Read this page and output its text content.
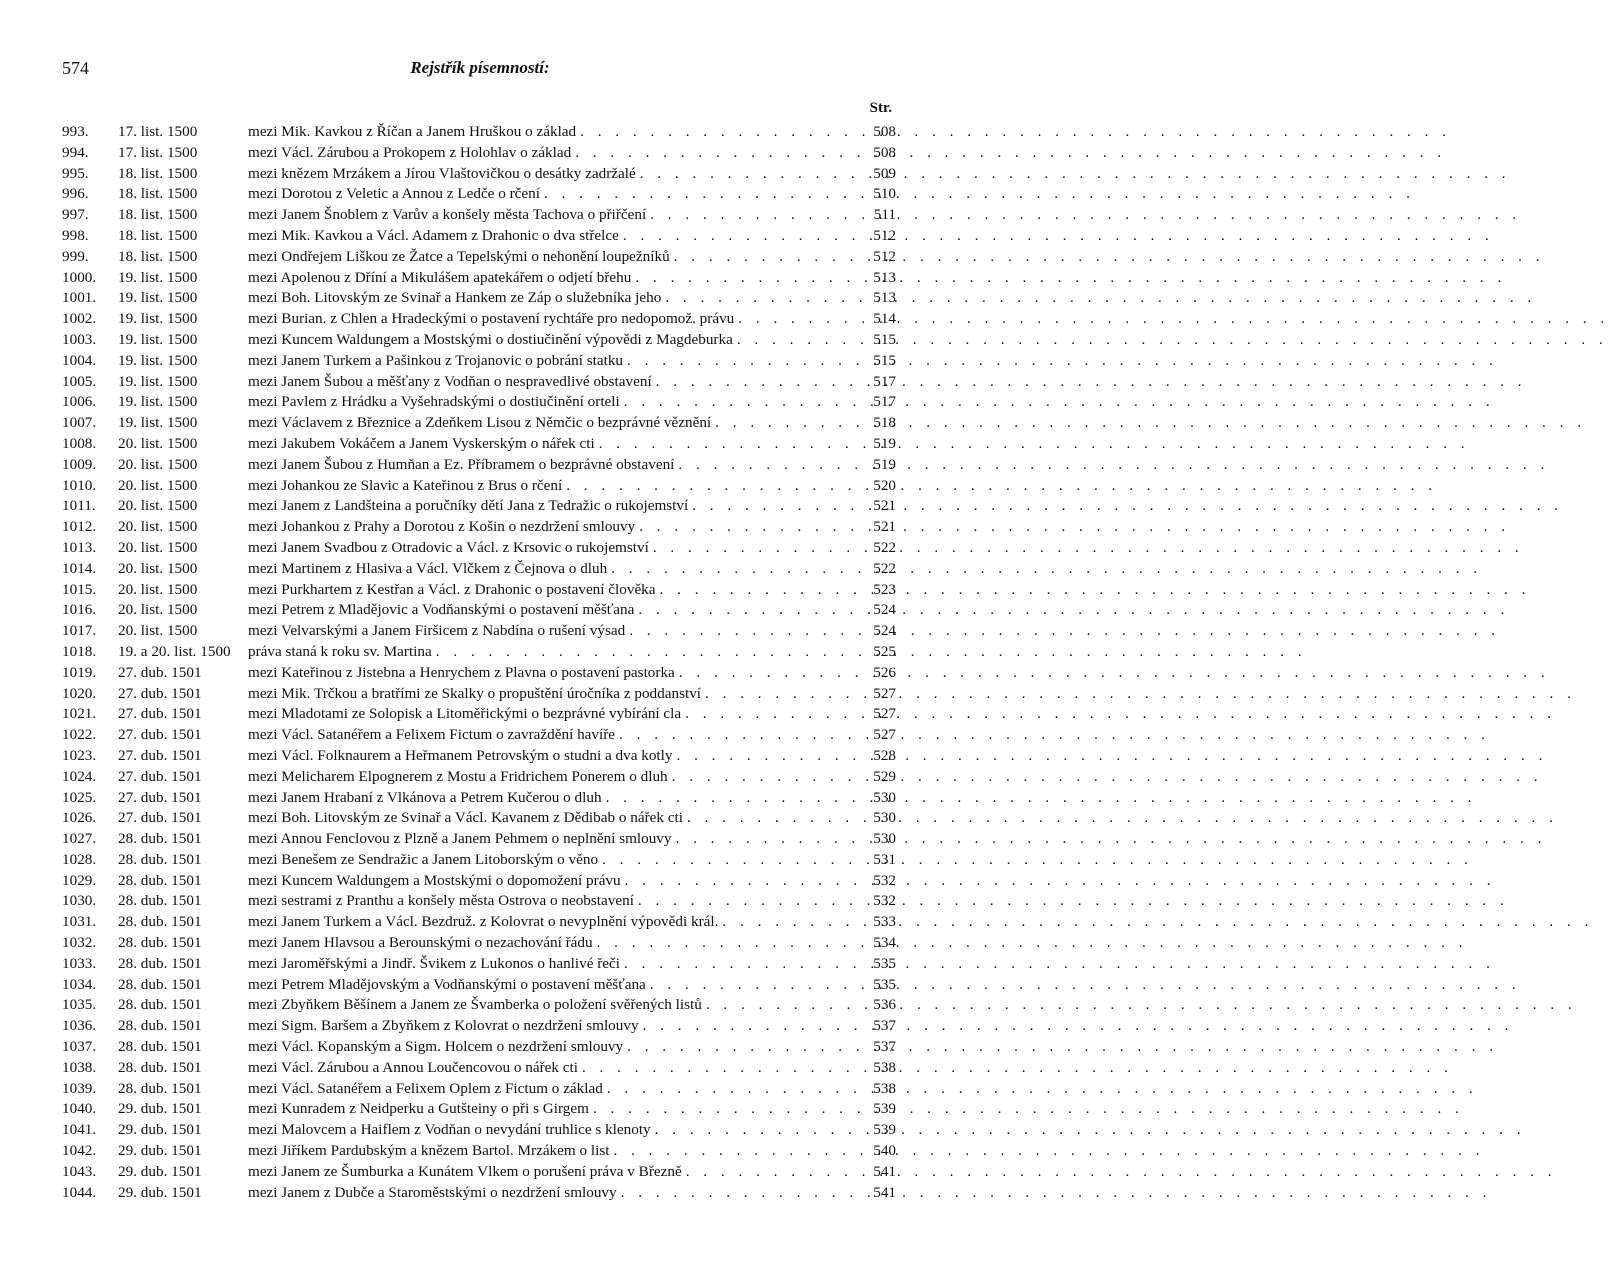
574	Rejstřík písemností:
Str.
993.	17. list. 1500	mezi Mik. Kavkou z Říčan a Janem Hruškou o základ . . .	508
994.	17. list. 1500	mezi Václ. Zárubou a Prokopem z Holohlav o základ . . .	508
995.	18. list. 1500	mezi knězem Mrzákem a Jírou Vlaštovičkou o desátky zadržalé . . .	509
996.	18. list. 1500	mezi Dorotou z Veletic a Annou z Ledče o rčení . . .	510
997.	18. list. 1500	mezi Janem Šnoblem z Varův a konšely města Tachova o přiřčení . . .	511
998.	18. list. 1500	mezi Mik. Kavkou a Václ. Adamem z Drahonic o dva střelce . . .	512
999.	18. list. 1500	mezi Ondřejem Liškou ze Žatce a Tepelskými o nehonění loupežníků . . .	512
1000.	19. list. 1500	mezi Apolenou z Dříní a Mikulášem apatekářem o odjetí břehu . . .	513
1001.	19. list. 1500	mezi Boh. Litovským ze Svinař a Hankem ze Záp o služebníka jeho . . .	513
1002.	19. list. 1500	mezi Burian. z Chlen a Hradeckými o postavení rychtáře pro nedopomož. právu . . .	514
1003.	19. list. 1500	mezi Kuncem Waldungem a Mostskými o dostiučinění výpovědi z Magdeburka . . .	515
1004.	19. list. 1500	mezi Janem Turkem a Pašinkou z Trojanovic o pobrání statku . . .	515
1005.	19. list. 1500	mezi Janem Šubou a měšťany z Vodňan o nespravedlivé obstavení . . .	517
1006.	19. list. 1500	mezi Pavlem z Hrádku a Vyšehradskými o dostiučinění orteli . . .	517
1007.	19. list. 1500	mezi Václavem z Březnice a Zdeňkem Lisou z Němčic o bezprávné věznění . . .	518
1008.	20. list. 1500	mezi Jakubem Vokáčem a Janem Vyskerským o nářek cti . . .	519
1009.	20. list. 1500	mezi Janem Šubou z Humňan a Ez. Příbramem o bezprávné obstavení . . .	519
1010.	20. list. 1500	mezi Johankou ze Slavic a Kateřinou z Brus o rčení . . .	520
1011.	20. list. 1500	mezi Janem z Landšteina a poručníky dětí Jana z Tedražic o rukojemství . . .	521
1012.	20. list. 1500	mezi Johankou z Prahy a Dorotou z Košin o nezdržení smlouvy . . .	521
1013.	20. list. 1500	mezi Janem Svadbou z Otradovic a Václ. z Krsovic o rukojemství . . .	522
1014.	20. list. 1500	mezi Martinem z Hlasiva a Václ. Vlčkem z Čejnova o dluh . . .	522
1015.	20. list. 1500	mezi Purkhartem z Kestřan a Václ. z Drahonic o postavení člověka . . .	523
1016.	20. list. 1500	mezi Petrem z Mladějovic a Vodňanskými o postavení měšťana . . .	524
1017.	20. list. 1500	mezi Velvarskými a Janem Firšicem z Nabdína o rušení výsad . . .	524
1018.	19. a 20. list. 1500	práva staná k roku sv. Martina . . .	525
1019.	27. dub. 1501	mezi Kateřinou z Jistebna a Henrychem z Plavna o postavení pastorka . . .	526
1020.	27. dub. 1501	mezi Mik. Trčkou a bratřími ze Skalky o propuštění úročníka z poddanství . . .	527
1021.	27. dub. 1501	mezi Mladotami ze Solopisk a Litoměřickými o bezprávné vybírání cla . . .	527
1022.	27. dub. 1501	mezi Václ. Satanéřem a Felixem Fictum o zavraždění havíře . . .	527
1023.	27. dub. 1501	mezi Václ. Folknaurem a Heřmanem Petrovským o studni a dva kotly . . .	528
1024.	27. dub. 1501	mezi Melicharem Elpognerem z Mostu a Fridrichem Ponerem o dluh . . .	529
1025.	27. dub. 1501	mezi Janem Hrabaní z Vlkánova a Petrem Kučerou o dluh . . .	530
1026.	27. dub. 1501	mezi Boh. Litovským ze Svinař a Václ. Kavanem z Dědibab o nářek cti . . .	530
1027.	28. dub. 1501	mezi Annou Fenclovou z Plzně a Janem Pehmem o neplnění smlouvy . . .	530
1028.	28. dub. 1501	mezi Benešem ze Sendražic a Janem Litoborským o věno . . .	531
1029.	28. dub. 1501	mezi Kuncem Waldungem a Mostskými o dopomožení právu . . .	532
1030.	28. dub. 1501	mezi sestrami z Pranthu a konšely města Ostrova o neobstavení . . .	532
1031.	28. dub. 1501	mezi Janem Turkem a Václ. Bezdruž. z Kolovrat o nevyplnění výpovědi král. . . .	533
1032.	28. dub. 1501	mezi Janem Hlavsou a Berounskými o nezachování řádu . . .	534
1033.	28. dub. 1501	mezi Jaroměřskými a Jindř. Švikem z Lukonos o hanlivé řeči . . .	535
1034.	28. dub. 1501	mezi Petrem Mladějovským a Vodňanskými o postavení měšťana . . .	535
1035.	28. dub. 1501	mezi Zbyňkem Běšínem a Janem ze Švamberka o položení svěřených listů . . .	536
1036.	28. dub. 1501	mezi Sigm. Baršem a Zbyňkem z Kolovrat o nezdržení smlouvy . . .	537
1037.	28. dub. 1501	mezi Václ. Kopanským a Sigm. Holcem o nezdržení smlouvy . . .	537
1038.	28. dub. 1501	mezi Václ. Zárubou a Annou Loučencovou o nářek cti . . .	538
1039.	28. dub. 1501	mezi Václ. Satanéřem a Felixem Oplem z Fictum o základ . . .	538
1040.	29. dub. 1501	mezi Kunradem z Neidperku a Gutšteiny o při s Girgem . . .	539
1041.	29. dub. 1501	mezi Malovcem a Haiflem z Vodňan o nevydání truhlice s klenoty . . .	539
1042.	29. dub. 1501	mezi Jiříkem Pardubským a knězem Bartol. Mrzákem o list . . .	540
1043.	29. dub. 1501	mezi Janem ze Šumburka a Kunátem Vlkem o porušení práva v Březně . . .	541
1044.	29. dub. 1501	mezi Janem z Dubče a Staroměstskými o nezdržení smlouvy . . .	541
